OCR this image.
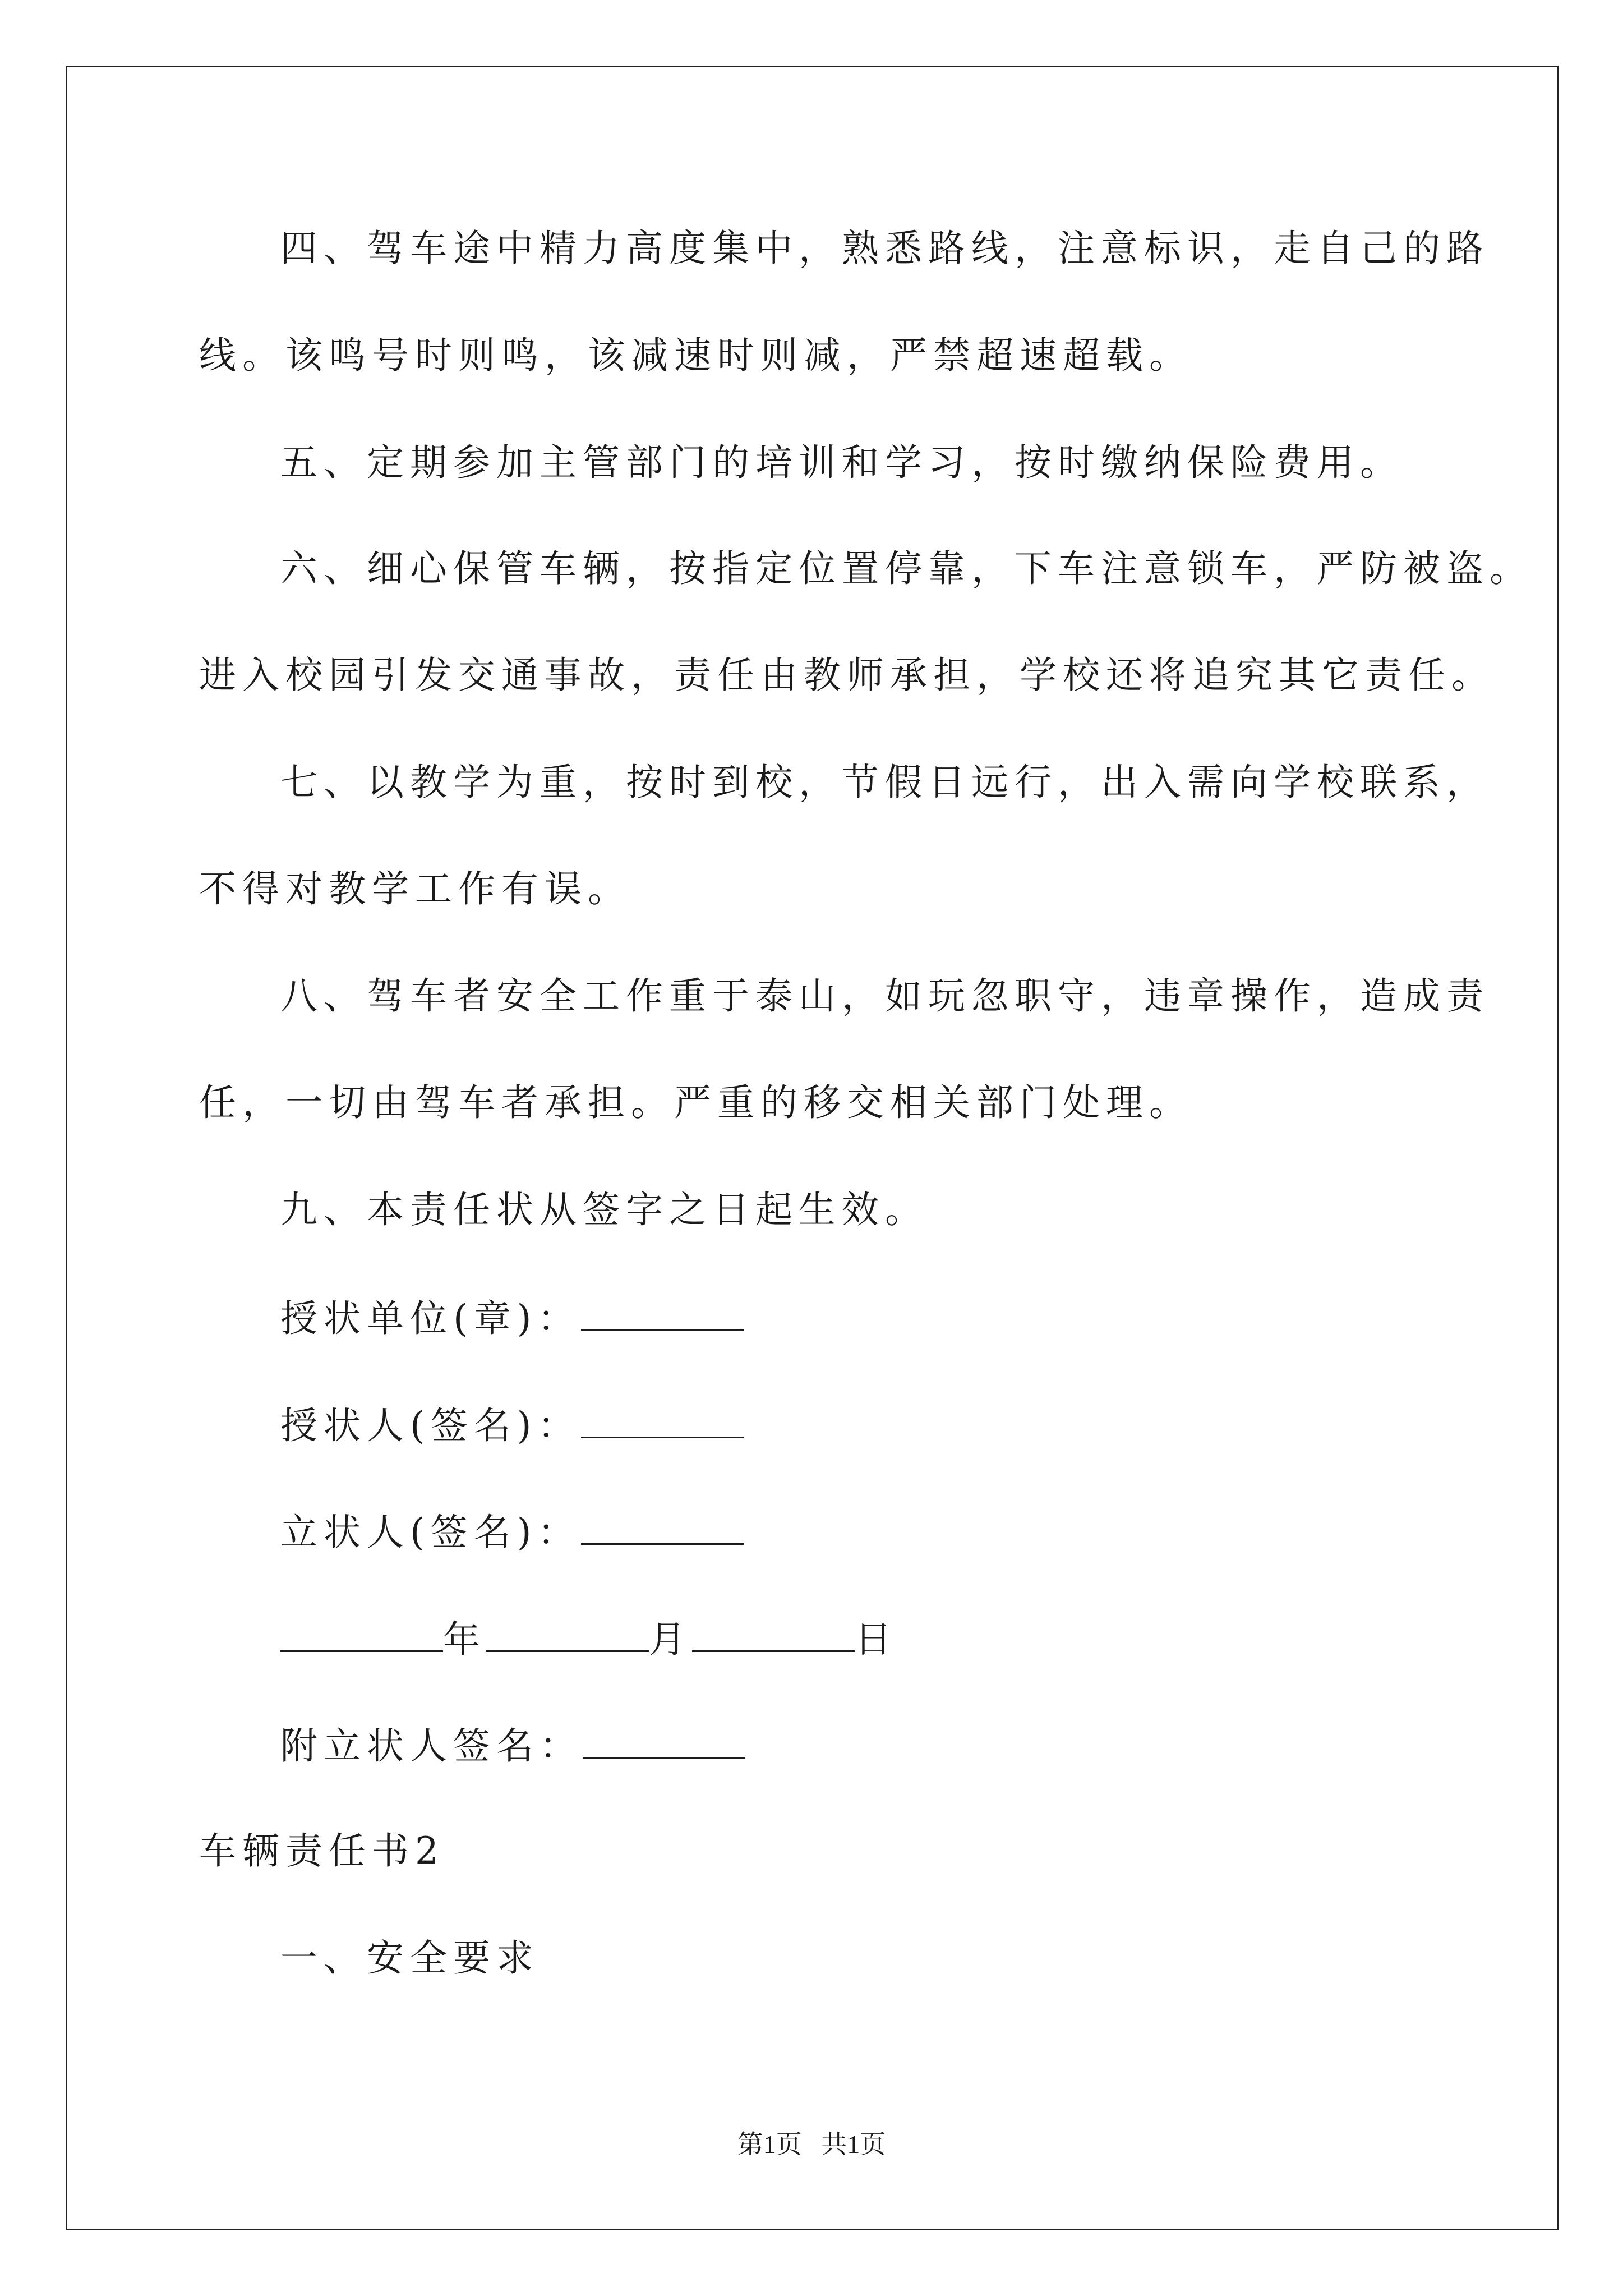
四、驾车途中精力高度集中，熟悉路线，注意标识，走自己的路

线。该鸣号时则鸣，该减速时则减，严禁超速超载。

五、定期参加主管部门的培训和学习，按时缴纳保险费用。

六、细心保管车辆，按指定位置停靠，下车注意锁车，严防被盗。

进入校园引发交通事故，责任由教师承担，学校还将追究其它责任。

七、以教学为重，按时到校，节假日远行，出入需向学校联系，

不得对教学工作有误。

八、驾车者安全工作重于泰山，如玩忽职守，违章操作，造成责

任，一切由驾车者承担。严重的移交相关部门处理。

九、本责任状从签字之日起生效。

授状单位(章)：

授状人(签名)：

立状人(签名)：

年	月	日

附立状人签名：

车辆责任书2

一、安全要求

第1页   共1页
